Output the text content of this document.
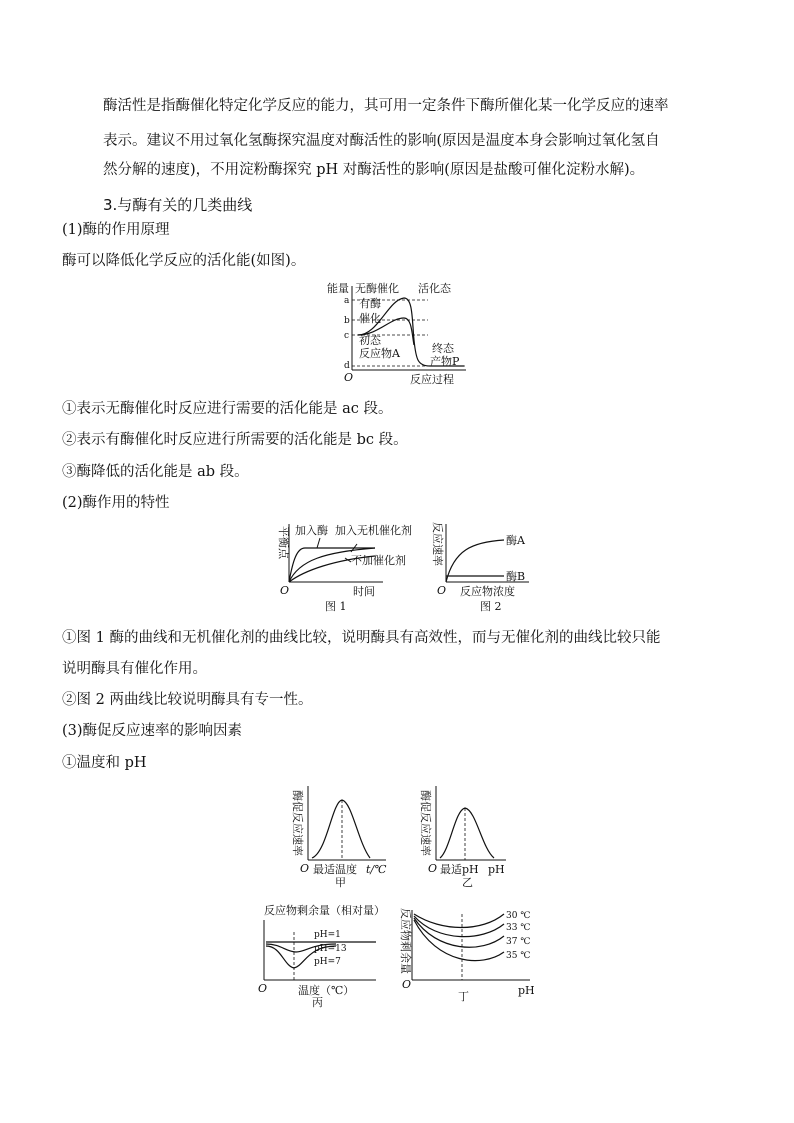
酶活性是指酶催化特定化学反应的能力，其可用一定条件下酶所催化某一化学反应的速率
表示。建议不用过氧化氢酶探究温度对酶活性的影响(原因是温度本身会影响过氧化氢自
然分解的速度)，不用淀粉酶探究 pH 对酶活性的影响(原因是盐酸可催化淀粉水解)。
3.与酶有关的几类曲线
(1)酶的作用原理
酶可以降低化学反应的活化能(如图)。
能量
a
b
c
d
无酶催化 活化态
有酶
催化
初态
反应物A	终态
产物P
O	反应过程
①表示无酶催化时反应进行需要的活化能是 ac 段。
②表示有酶催化时反应进行所需要的活化能是 bc 段。
③酶降低的活化能是 ab 段。
(2)酶作用的特性
平衡点 加入酶 加入无机催化剂
不加催化剂
O	时间
图 1
反应速率	酶A
酶B
O 反应物浓度
图 2
①图 1 酶的曲线和无机催化剂的曲线比较，说明酶具有高效性，而与无催化剂的曲线比较只能
说明酶具有催化作用。
②图 2 两曲线比较说明酶具有专一性。
(3)酶促反应速率的影响因素
①温度和 pH
酶促反应速率
O 最适温度 t/℃
甲
酶促反应速率
O 最适pH pH
乙
反应物剩余量（相对量）
pH=1
pH=13
pH=7
O	温度（℃）
丙
反应物剩余量	30 ℃
33 ℃
37 ℃
35 ℃
O	pH
丁
